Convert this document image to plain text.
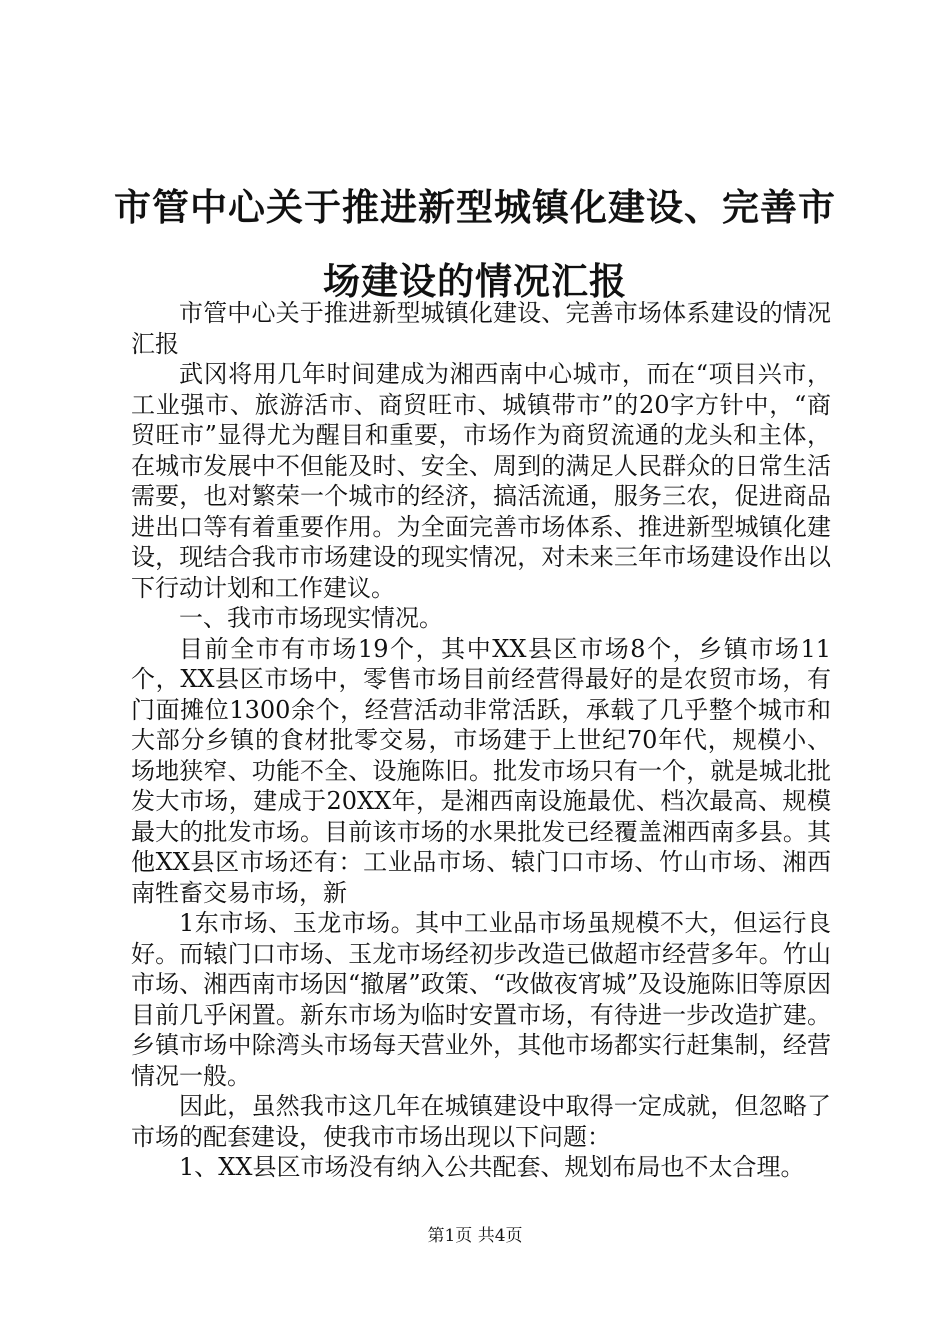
市管中心关于推进新型城镇化建设、完善市场建设的情况汇报

市管中心关于推进新型城镇化建设、完善市场体系建设的情况汇报

武冈将用几年时间建成为湘西南中心城市，而在“项目兴市，工业强市、旅游活市、商贸旺市、城镇带市”的20字方针中，“商贸旺市”显得尤为醒目和重要，市场作为商贸流通的龙头和主体，在城市发展中不但能及时、安全、周到的满足人民群众的日常生活需要，也对繁荣一个城市的经济，搞活流通，服务三农，促进商品进出口等有着重要作用。为全面完善市场体系、推进新型城镇化建设，现结合我市市场建设的现实情况，对未来三年市场建设作出以下行动计划和工作建议。

一、我市市场现实情况。

目前全市有市场19个，其中XX县区市场8个，乡镇市场11个，XX县区市场中，零售市场目前经营得最好的是农贸市场，有门面摊位1300余个，经营活动非常活跃，承载了几乎整个城市和大部分乡镇的食材批零交易，市场建于上世纪70年代，规模小、场地狭窄、功能不全、设施陈旧。批发市场只有一个，就是城北批发大市场，建成于20XX年，是湘西南设施最优、档次最高、规模最大的批发市场。目前该市场的水果批发已经覆盖湘西南多县。其他XX县区市场还有：工业品市场、辕门口市场、竹山市场、湘西南牲畜交易市场，新

1东市场、玉龙市场。其中工业品市场虽规模不大，但运行良好。而辕门口市场、玉龙市场经初步改造已做超市经营多年。竹山市场、湘西南市场因“撤屠”政策、“改做夜宵城”及设施陈旧等原因目前几乎闲置。新东市场为临时安置市场，有待进一步改造扩建。乡镇市场中除湾头市场每天营业外，其他市场都实行赶集制，经营情况一般。

因此，虽然我市这几年在城镇建设中取得一定成就，但忽略了市场的配套建设，使我市市场出现以下问题：

1、XX县区市场没有纳入公共配套、规划布局也不太合理。

第1页 共4页
